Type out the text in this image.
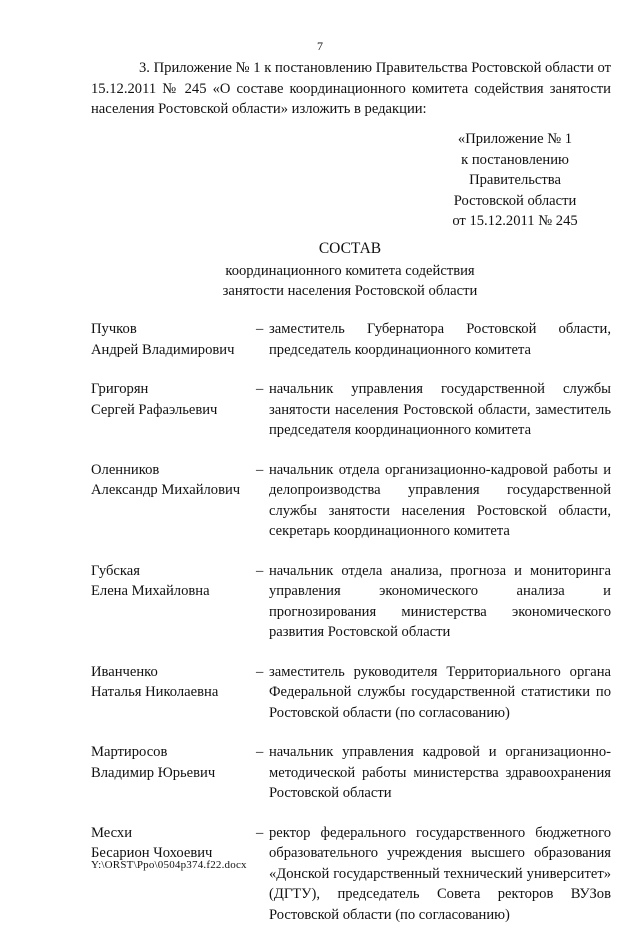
7

3. Приложение № 1 к постановлению Правительства Ростовской области от 15.12.2011 № 245 «О составе координационного комитета содействия занятости населения Ростовской области» изложить в редакции:

«Приложение № 1
к постановлению
Правительства
Ростовской области
от 15.12.2011 № 245
СОСТАВ
координационного комитета содействия
занятости населения Ростовской области
Пучков
Андрей Владимирович
– заместитель Губернатора Ростовской области, председатель координационного комитета
Григорян
Сергей Рафаэльевич
– начальник управления государственной службы занятости населения Ростовской области, заместитель председателя координационного комитета
Оленников
Александр Михайлович
– начальник отдела организационно-кадровой работы и делопроизводства управления государственной службы занятости населения Ростовской области, секретарь координационного комитета
Губская
Елена Михайловна
– начальник отдела анализа, прогноза и мониторинга управления экономического анализа и прогнозирования министерства экономического развития Ростовской области
Иванченко
Наталья Николаевна
– заместитель руководителя Территориального органа Федеральной службы государственной статистики по Ростовской области (по согласованию)
Мартиросов
Владимир Юрьевич
– начальник управления кадровой и организационно-методической работы министерства здравоохранения Ростовской области
Месхи
Бесарион Чохоевич
– ректор федерального государственного бюджетного образовательного учреждения высшего образования «Донской государственный технический университет» (ДГТУ), председатель Совета ректоров ВУЗов Ростовской области (по согласованию)
Y:\ORST\Ppo\0504p374.f22.docx
